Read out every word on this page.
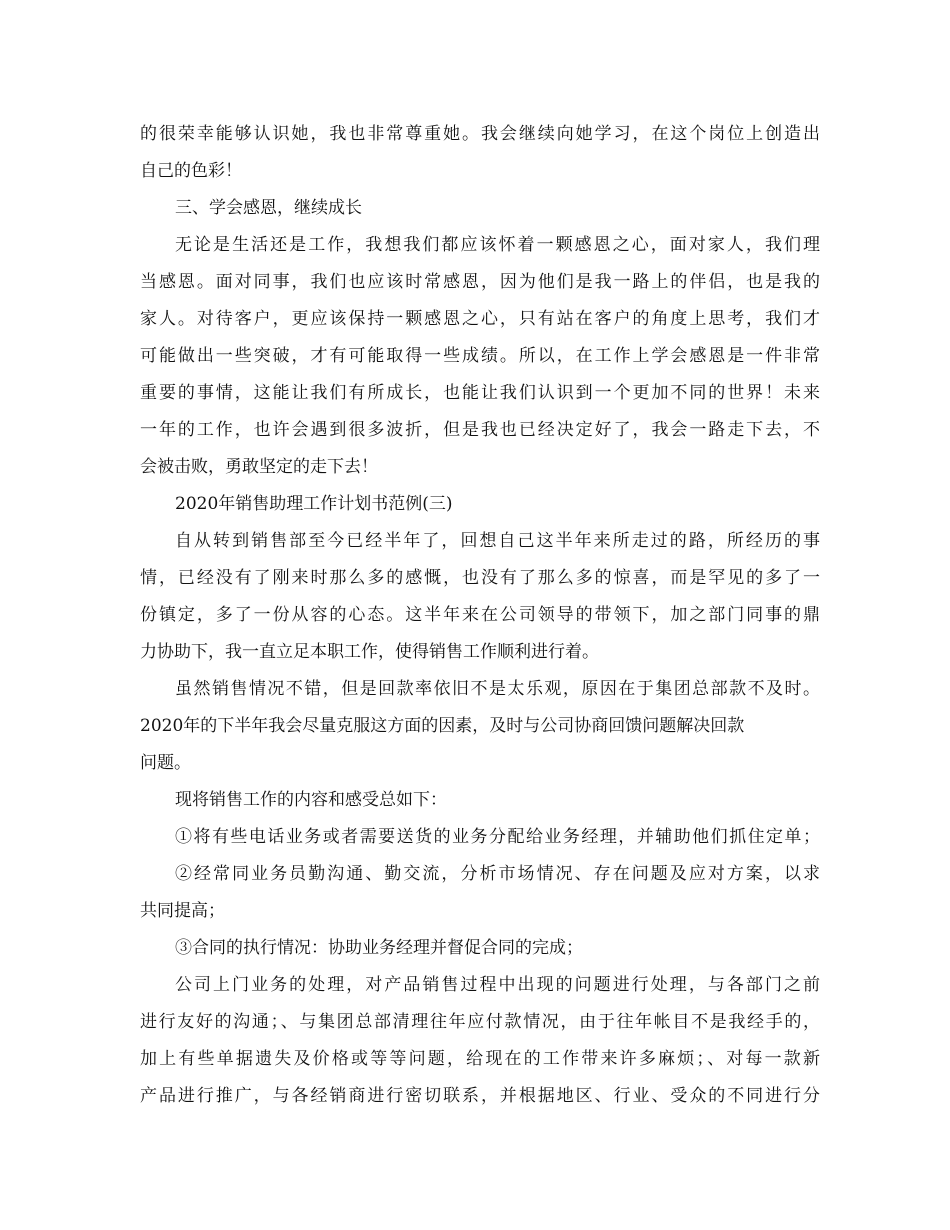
的很荣幸能够认识她，我也非常尊重她。我会继续向她学习，在这个岗位上创造出
自己的色彩！
三、学会感恩，继续成长
无论是生活还是工作，我想我们都应该怀着一颗感恩之心，面对家人，我们理
当感恩。面对同事，我们也应该时常感恩，因为他们是我一路上的伴侣，也是我的
家人。对待客户，更应该保持一颗感恩之心，只有站在客户的角度上思考，我们才
可能做出一些突破，才有可能取得一些成绩。所以，在工作上学会感恩是一件非常
重要的事情，这能让我们有所成长，也能让我们认识到一个更加不同的世界！未来
一年的工作，也许会遇到很多波折，但是我也已经决定好了，我会一路走下去，不
会被击败，勇敢坚定的走下去！
2020年销售助理工作计划书范例(三)
自从转到销售部至今已经半年了，回想自己这半年来所走过的路，所经历的事
情，已经没有了刚来时那么多的感慨，也没有了那么多的惊喜，而是罕见的多了一
份镇定，多了一份从容的心态。这半年来在公司领导的带领下，加之部门同事的鼎
力协助下，我一直立足本职工作，使得销售工作顺利进行着。
虽然销售情况不错，但是回款率依旧不是太乐观，原因在于集团总部款不及时。
2020年的下半年我会尽量克服这方面的因素，及时与公司协商回馈问题解决回款
问题。
现将销售工作的内容和感受总如下：
①将有些电话业务或者需要送货的业务分配给业务经理，并辅助他们抓住定单；
②经常同业务员勤沟通、勤交流，分析市场情况、存在问题及应对方案，以求
共同提高；
③合同的执行情况：协助业务经理并督促合同的完成；
公司上门业务的处理，对产品销售过程中出现的问题进行处理，与各部门之前
进行友好的沟通；、与集团总部清理往年应付款情况，由于往年帐目不是我经手的，
加上有些单据遗失及价格或等等问题，给现在的工作带来许多麻烦；、对每一款新
产品进行推广，与各经销商进行密切联系，并根据地区、行业、受众的不同进行分
